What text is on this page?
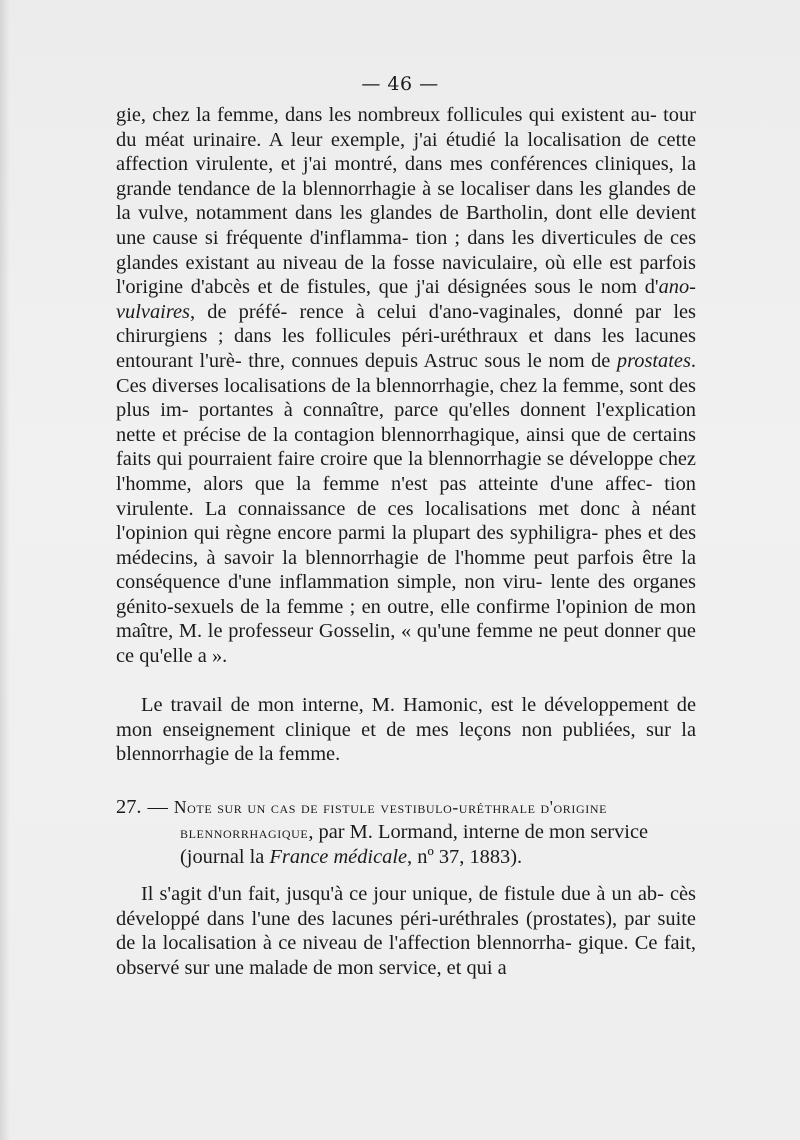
— 46 —
gie, chez la femme, dans les nombreux follicules qui existent au- tour du méat urinaire. A leur exemple, j'ai étudié la localisation de cette affection virulente, et j'ai montré, dans mes conférences cliniques, la grande tendance de la blennorrhagie à se localiser dans les glandes de la vulve, notamment dans les glandes de Bartholin, dont elle devient une cause si fréquente d'inflamma- tion ; dans les diverticules de ces glandes existant au niveau de la fosse naviculaire, où elle est parfois l'origine d'abcès et de fistules, que j'ai désignées sous le nom d'ano-vulvaires, de préfé- rence à celui d'ano-vaginales, donné par les chirurgiens ; dans les follicules péri-uréthraux et dans les lacunes entourant l'urè- thre, connues depuis Astruc sous le nom de prostates. Ces diverses localisations de la blennorrhagie, chez la femme, sont des plus im- portantes à connaître, parce qu'elles donnent l'explication nette et précise de la contagion blennorrhagique, ainsi que de certains faits qui pourraient faire croire que la blennorrhagie se développe chez l'homme, alors que la femme n'est pas atteinte d'une affec- tion virulente. La connaissance de ces localisations met donc à néant l'opinion qui règne encore parmi la plupart des syphiligra- phes et des médecins, à savoir la blennorrhagie de l'homme peut parfois être la conséquence d'une inflammation simple, non viru- lente des organes génito-sexuels de la femme ; en outre, elle confirme l'opinion de mon maître, M. le professeur Gosselin, « qu'une femme ne peut donner que ce qu'elle a ».
Le travail de mon interne, M. Hamonic, est le développement de mon enseignement clinique et de mes leçons non publiées, sur la blennorrhagie de la femme.
27. — Note sur un cas de fistule vestibulo-uréthrale d'origine
blennorrhagique, par M. Lormand, interne de mon service
(journal la France médicale, nº 37, 1883).
Il s'agit d'un fait, jusqu'à ce jour unique, de fistule due à un ab- cès développé dans l'une des lacunes péri-uréthrales (prostates), par suite de la localisation à ce niveau de l'affection blennorrha- gique. Ce fait, observé sur une malade de mon service, et qui a
